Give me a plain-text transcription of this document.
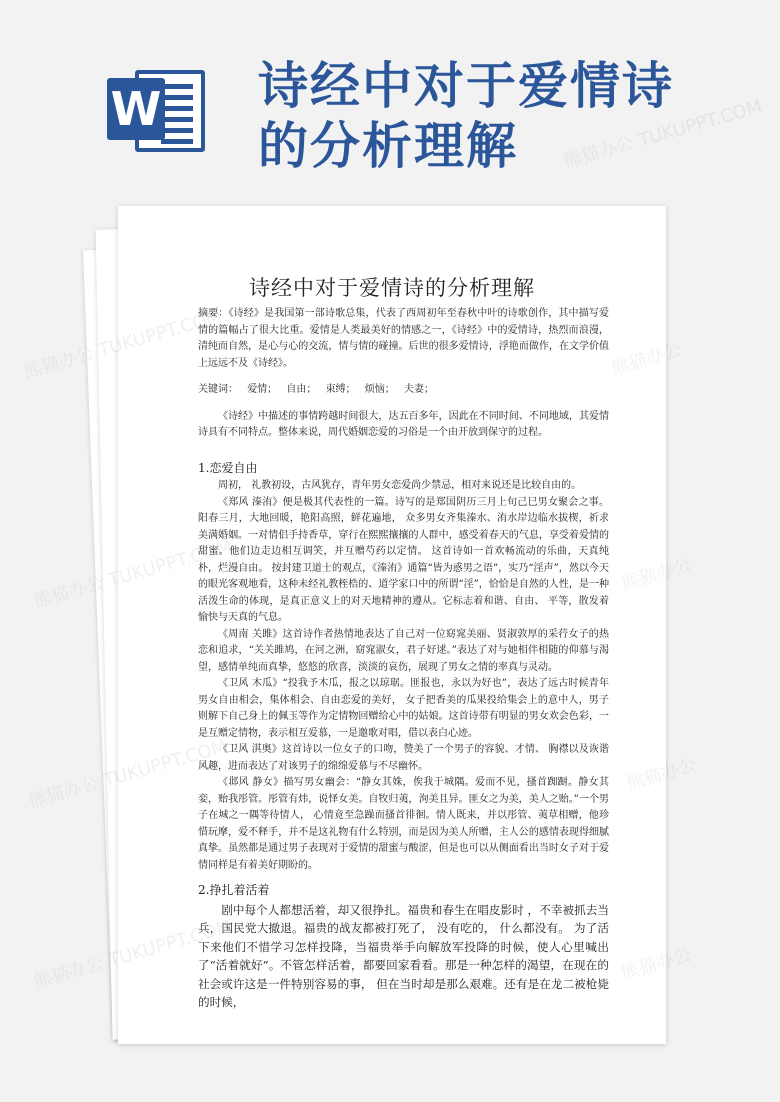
W 诗经中对于爱情诗的分析理解
诗经中对于爱情诗的分析理解

摘要：《诗经》是我国第一部诗歌总集，代表了西周初年至春秋中叶的诗歌创作，其中描写爱情的篇幅占了很大比重。爱情是人类最美好的情感之一，《诗经》中的爱情诗，热烈而浪漫，清纯而自然，是心与心的交流，情与情的碰撞。后世的很多爱情诗，浮艳而做作，在文学价值上远远不及《诗经》。

关键词： 爱情； 自由； 束缚； 烦恼； 夫妻；

《诗经》中描述的事情跨越时间很大，达五百多年，因此在不同时间、不同地域，其爱情诗具有不同特点。整体来说，周代婚姻恋爱的习俗是一个由开放到保守的过程。

1.恋爱自由

周初， 礼教初设，古风犹存，青年男女恋爱尚少禁忌，相对来说还是比较自由的。

《郑风 溱洧》便是极其代表性的一篇。诗写的是郑国阴历三月上旬己巳男女聚会之事。阳春三月，大地回暖，艳阳高照，鲜花遍地， 众多男女齐集溱水、洧水岸边临水拔楔，祈求美满婚姻。一对情侣手持香草，穿行在熙熙攘攘的人群中，感受着春天的气息，享受着爱情的甜蜜。他们边走边相互调笑，并互赠芍药以定情。 这首诗如一首欢畅流动的乐曲，天真纯朴，烂漫自由。 按封建卫道士的观点，《溱洧》通篇“皆为惑男之语”，实乃“淫声”，然以今天的眼光客观地看，这种未经礼教桎梏的、道学家口中的所谓“淫”，恰恰是自然的人性，是一种活泼生命的体现，是真正意义上的对天地精神的遵从。它标志着和谐、自由、 平等，散发着愉快与天真的气息。

《周南 关雎》这首诗作者热情地表达了自己对一位窈窕美丽、贤淑敦厚的采荇女子的热恋和追求，“关关雎鸠，在河之洲，窈窕淑女，君子好逑。”表达了对与她相伴相随的仰慕与渴望，感情单纯而真挚，悠悠的欣喜，淡淡的哀伤，展现了男女之情的率真与灵动。

《卫风 木瓜》“投我予木瓜，报之以琼琚。匪报也，永以为好也”，表达了远古时候青年男女自由相会，集体相会、自由恋爱的美好， 女子把香美的瓜果投给集会上的意中人，男子则解下自己身上的佩玉等作为定情物回赠给心中的姑娘。这首诗带有明显的男女欢会色彩，一是互赠定情物，表示相互爱慕，一是邀歌对唱，借以表白心迹。

《卫风 淇奥》这首诗以一位女子的口吻，赞美了一个男子的容貌、才情、 胸襟以及诙谐风趣，进而表达了对该男子的绵绵爱慕与不尽幽怀。

《邶风 静女》描写男女幽会：“静女其姝，俟我于城隅。爱而不见，搔首踟蹰。静女其娈，贻我彤管。彤管有炜，说怿女美。自牧归荑，洵美且异。匪女之为美，美人之贻。”一个男子在城之一隅等待情人， 心情竟至急躁而搔首徘徊。情人既来，并以彤管、荑草相赠，他珍惜玩摩，爱不释手，并不是这礼物有什么特别，而是因为美人所赠，主人公的感情表现得细腻真挚。虽然都是通过男子表现对于爱情的甜蜜与酸涩，但是也可以从侧面看出当时女子对于爱情同样是有着美好期盼的。

2.挣扎着活着

剧中每个人都想活着，却又很挣扎。福贵和春生在唱皮影时 ，不幸被抓去当兵，国民党大撤退。福贵的战友都被打死了， 没有吃的， 什么都没有。 为了活下来他们不惜学习怎样投降，当福贵举手向解放军投降的时候，使人心里喊出了“活着就好”。不管怎样活着，都要回家看看。那是一种怎样的渴望，在现在的社会或许这是一件特别容易的事， 但在当时却是那么艰难。还有是在龙二被枪毙的时候，

熊猫办公
熊猫办公
熊猫办公
熊猫办公
熊猫办公 TUKUPPT.COM
